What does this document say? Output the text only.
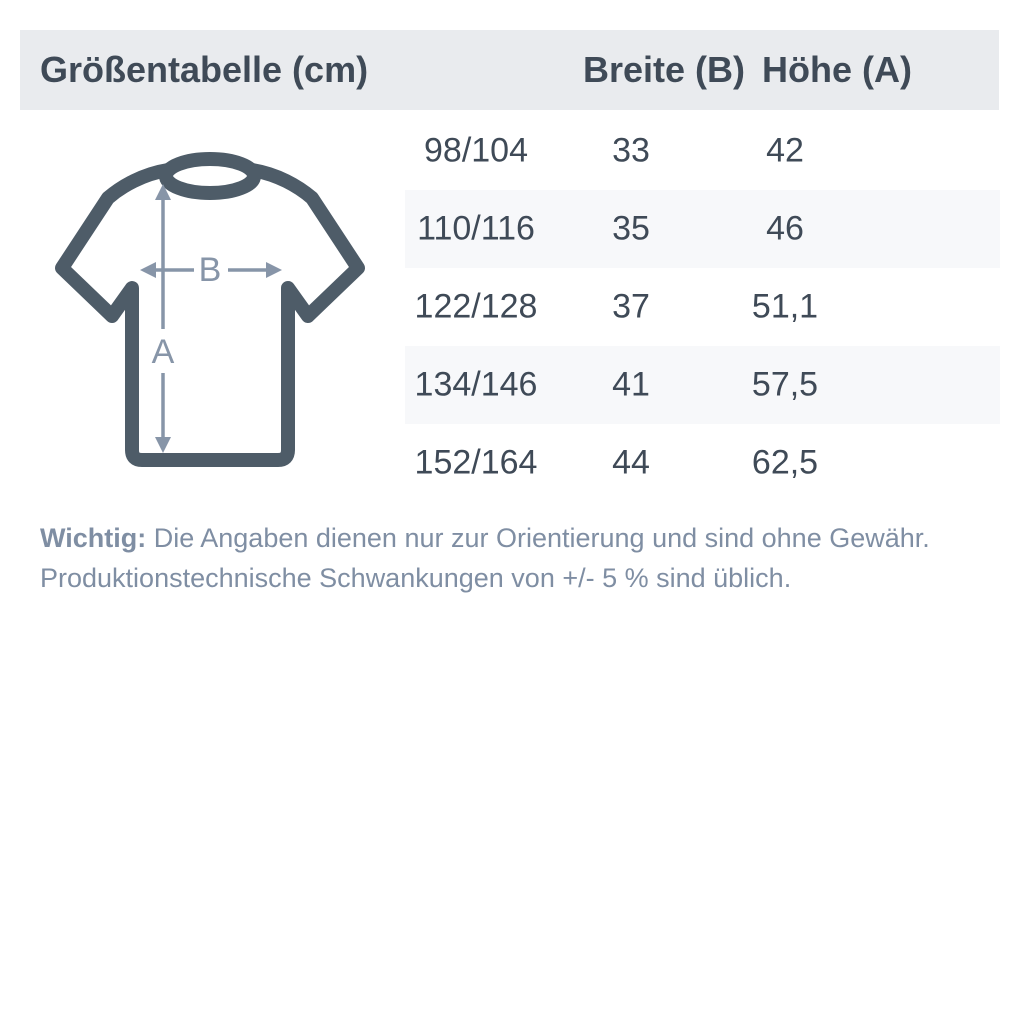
Größentabelle (cm)	Breite (B) Höhe (A)
98/104 33	42
110/116 35	46
122/128 37	51,1
134/146 41	57,5
152/164 44	62,5
B
A
Wichtig: Die Angaben dienen nur zur Orientierung und sind ohne Gewähr.
Produktionstechnische Schwankungen von +/- 5 % sind üblich.
